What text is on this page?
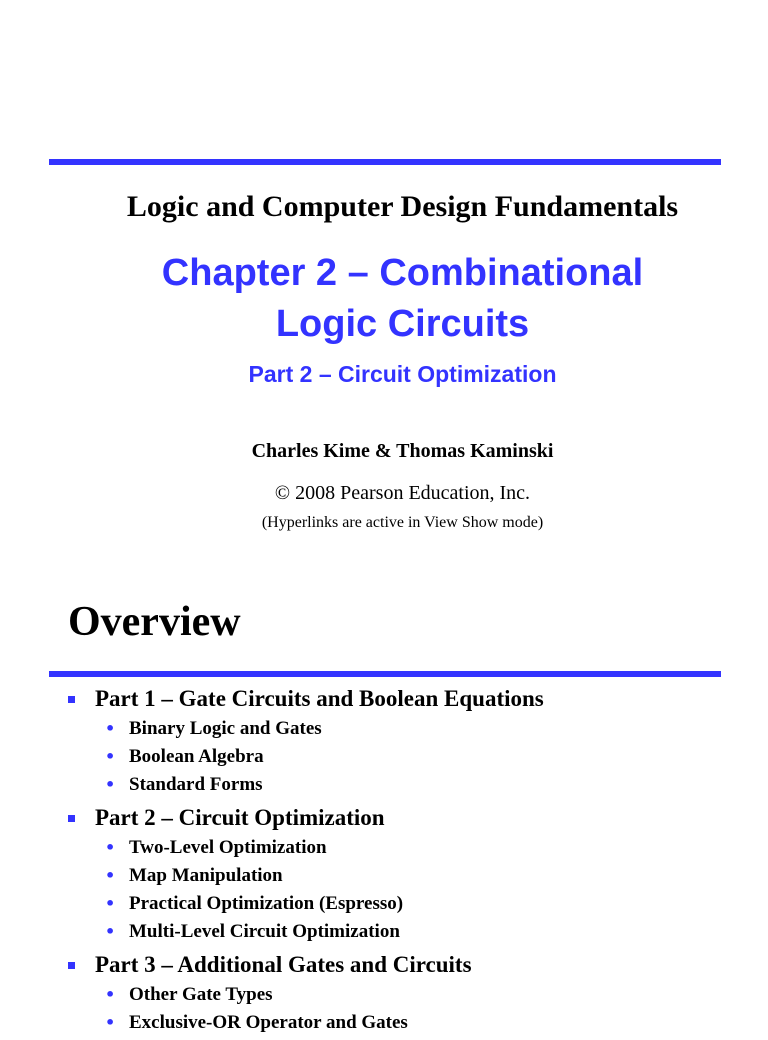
Logic and Computer Design Fundamentals
Chapter 2 – Combinational
Logic Circuits
Part 2 – Circuit Optimization
Charles Kime & Thomas Kaminski
© 2008 Pearson Education, Inc.
(Hyperlinks are active in View Show mode)
Overview
Part 1 – Gate Circuits and Boolean Equations
• Binary Logic and Gates
• Boolean Algebra
• Standard Forms
Part 2 – Circuit Optimization
• Two-Level Optimization
• Map Manipulation
• Practical Optimization (Espresso)
• Multi-Level Circuit Optimization
Part 3 – Additional Gates and Circuits
• Other Gate Types
• Exclusive-OR Operator and Gates
